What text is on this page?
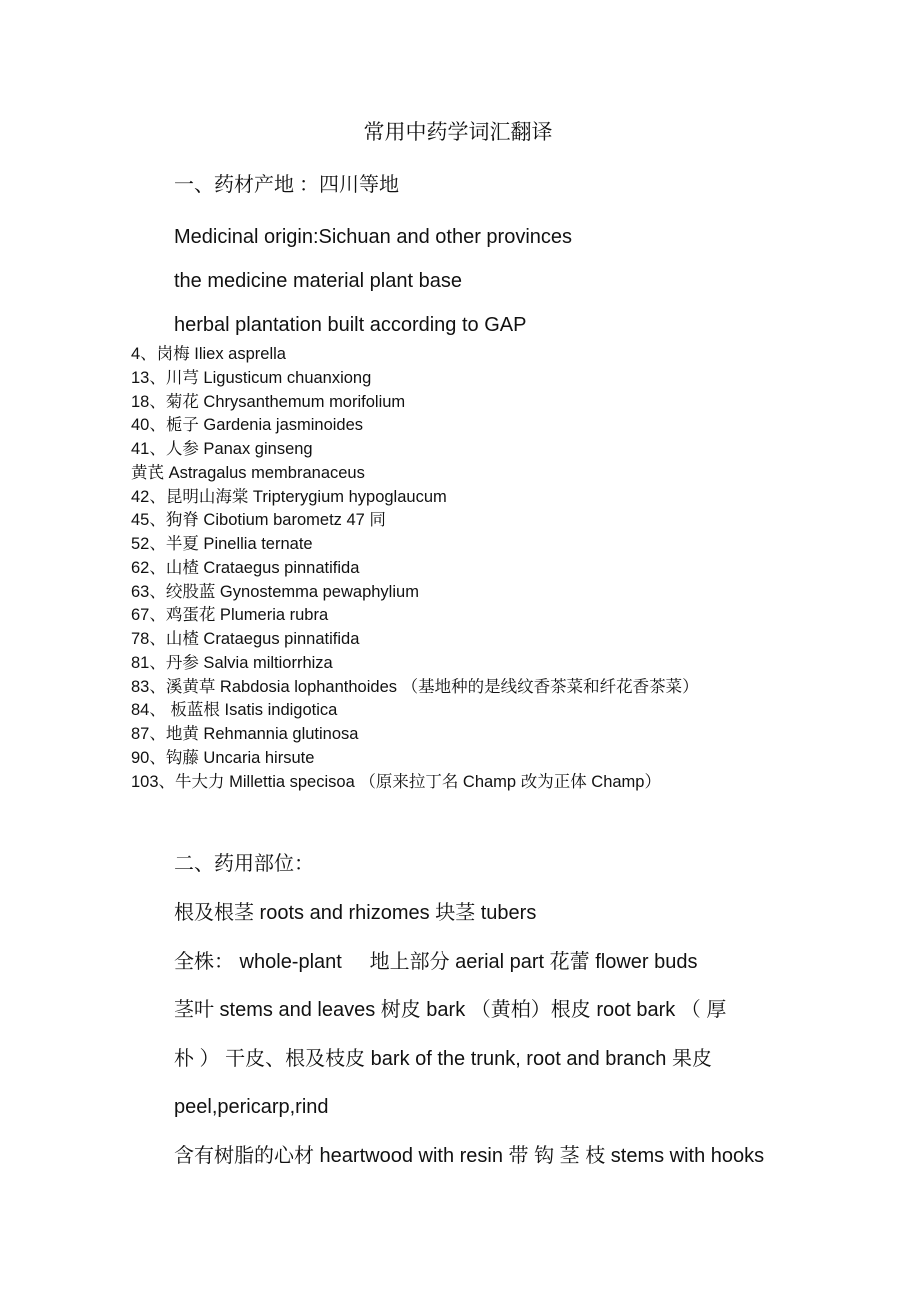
常用中药学词汇翻译
一、药材产地 ：四川等地
Medicinal origin:Sichuan and other provinces
the medicine material plant base
herbal plantation built according to GAP
4、岗梅 Iliex asprella
13、川芎 Ligusticum chuanxiong
18、菊花 Chrysanthemum morifolium
40、栀子 Gardenia jasminoides
41、人参 Panax ginseng
黄芪 Astragalus membranaceus
42、昆明山海棠 Tripterygium hypoglaucum
45、狗脊 Cibotium barometz 47 同
52、半夏 Pinellia ternate
62、山楂 Crataegus pinnatifida
63、绞股蓝 Gynostemma pewaphylium
67、鸡蛋花 Plumeria rubra
78、山楂 Crataegus pinnatifida
81、丹参 Salvia miltiorrhiza
83、溪黄草 Rabdosia lophanthoides （基地种的是线纹香茶菜和纤花香茶菜）
84、 板蓝根 Isatis indigotica
87、地黄 Rehmannia glutinosa
90、钩藤 Uncaria hirsute
103、牛大力 Millettia specisoa （原来拉丁名 Champ 改为正体 Champ）
二、药用部位：
根及根茎 roots and rhizomes 块茎 tubers
全株： whole-plant     地上部分 aerial part 花蕾 flower buds
茎叶 stems and leaves 树皮 bark （黄柏）根皮 root bark （ 厚
朴 ） 干皮、根及枝皮 bark of the trunk, root and branch 果皮
peel,pericarp,rind
含有树脂的心材 heartwood with resin 带 钩 茎 枝 stems with hooks
